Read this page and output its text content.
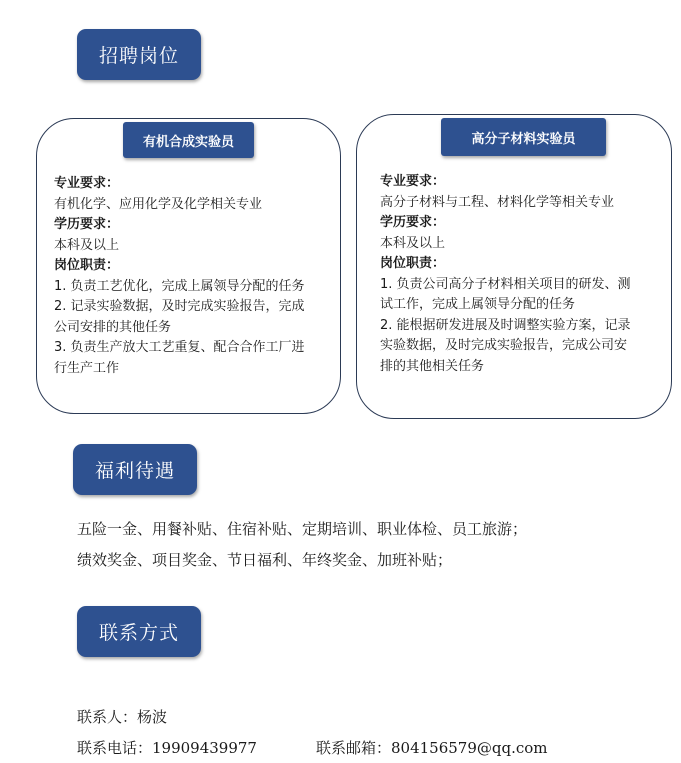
招聘岗位
有机合成实验员
专业要求：
有机化学、应用化学及化学相关专业
学历要求：
本科及以上
岗位职责：
1. 负责工艺优化，完成上属领导分配的任务
2. 记录实验数据，及时完成实验报告，完成
公司安排的其他任务
3. 负责生产放大工艺重复、配合合作工厂进
行生产工作
高分子材料实验员
专业要求：
高分子材料与工程、材料化学等相关专业
学历要求：
本科及以上
岗位职责：
1. 负责公司高分子材料相关项目的研发、测
试工作，完成上属领导分配的任务
2. 能根据研发进展及时调整实验方案，记录
实验数据，及时完成实验报告，完成公司安
排的其他相关任务
福利待遇
五险一金、用餐补贴、住宿补贴、定期培训、职业体检、员工旅游；
绩效奖金、项目奖金、节日福利、年终奖金、加班补贴；
联系方式
联系人：杨波
联系电话：19909439977	联系邮箱：804156579@qq.com
